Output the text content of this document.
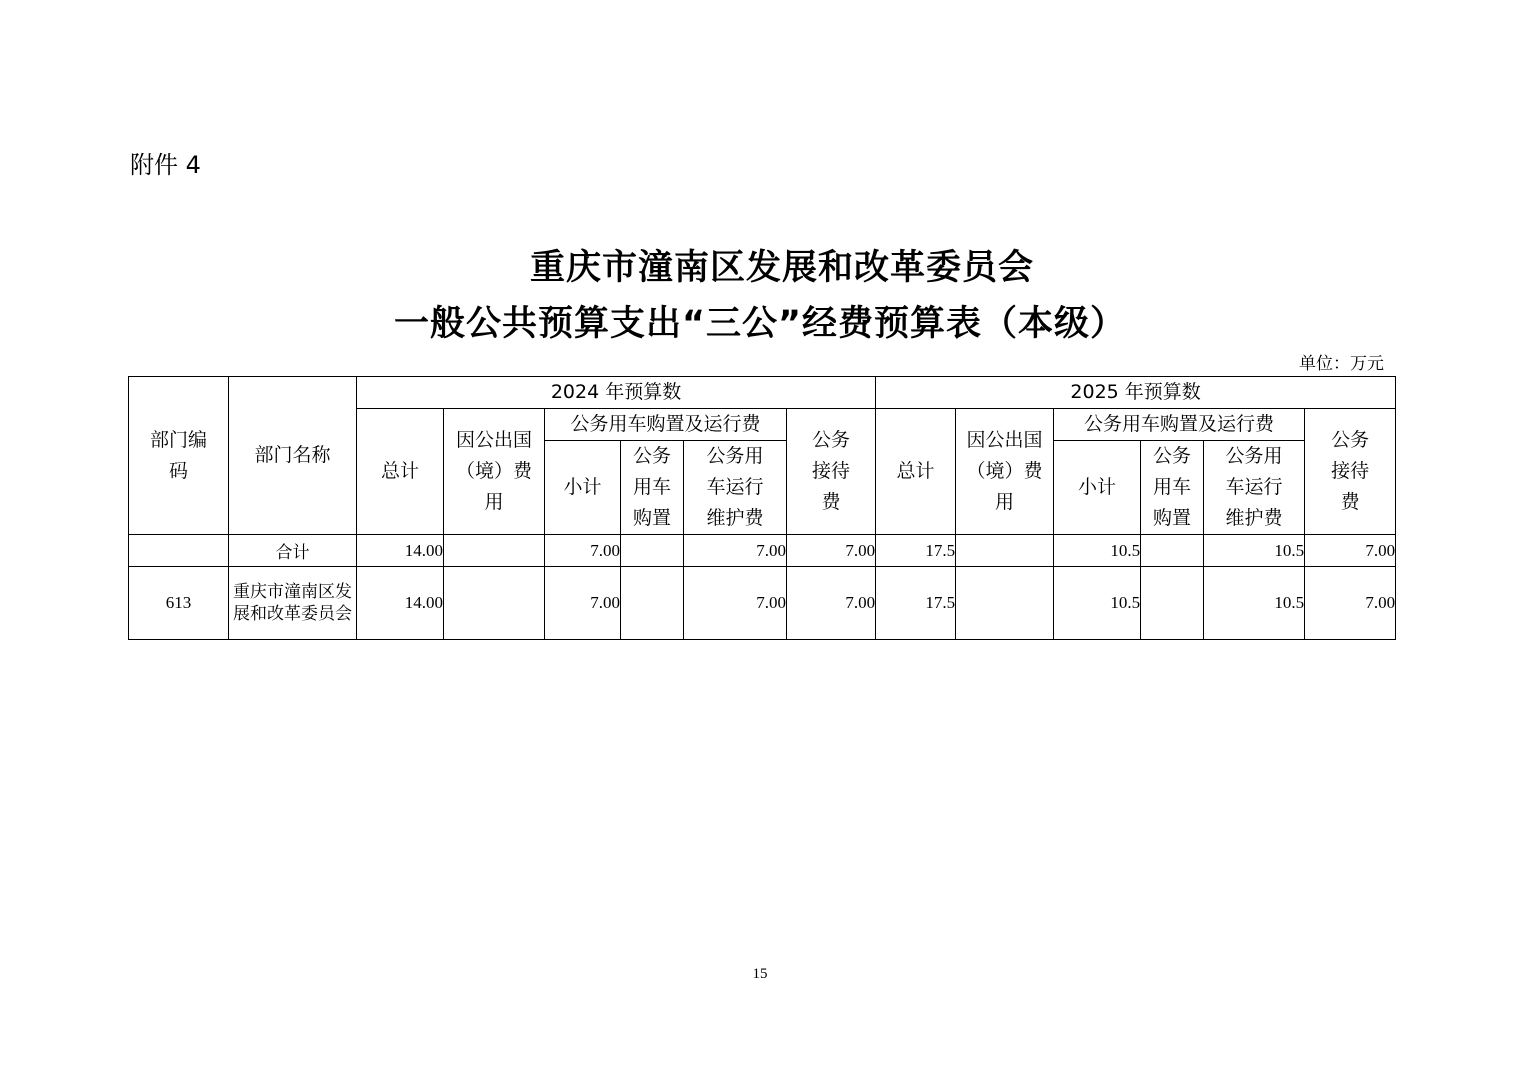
附件 4
重庆市潼南区发展和改革委员会
一般公共预算支出“三公”经费预算表（本级）
单位：万元
部门编码	部门名称	2024 年预算数						2025 年预算数					
		总计	因公出国（境）费用	公务用车购置及运行费			公务接待费	总计	因公出国（境）费用	公务用车购置及运行费			公务接待费
				小计	公务用车购置	公务用车运行维护费				小计	公务用车购置	公务用车运行维护费	
	合计	14.00		7.00		7.00	7.00	17.5		10.5		10.5	7.00
613	重庆市潼南区发展和改革委员会	14.00		7.00		7.00	7.00	17.5		10.5		10.5	7.00
15
